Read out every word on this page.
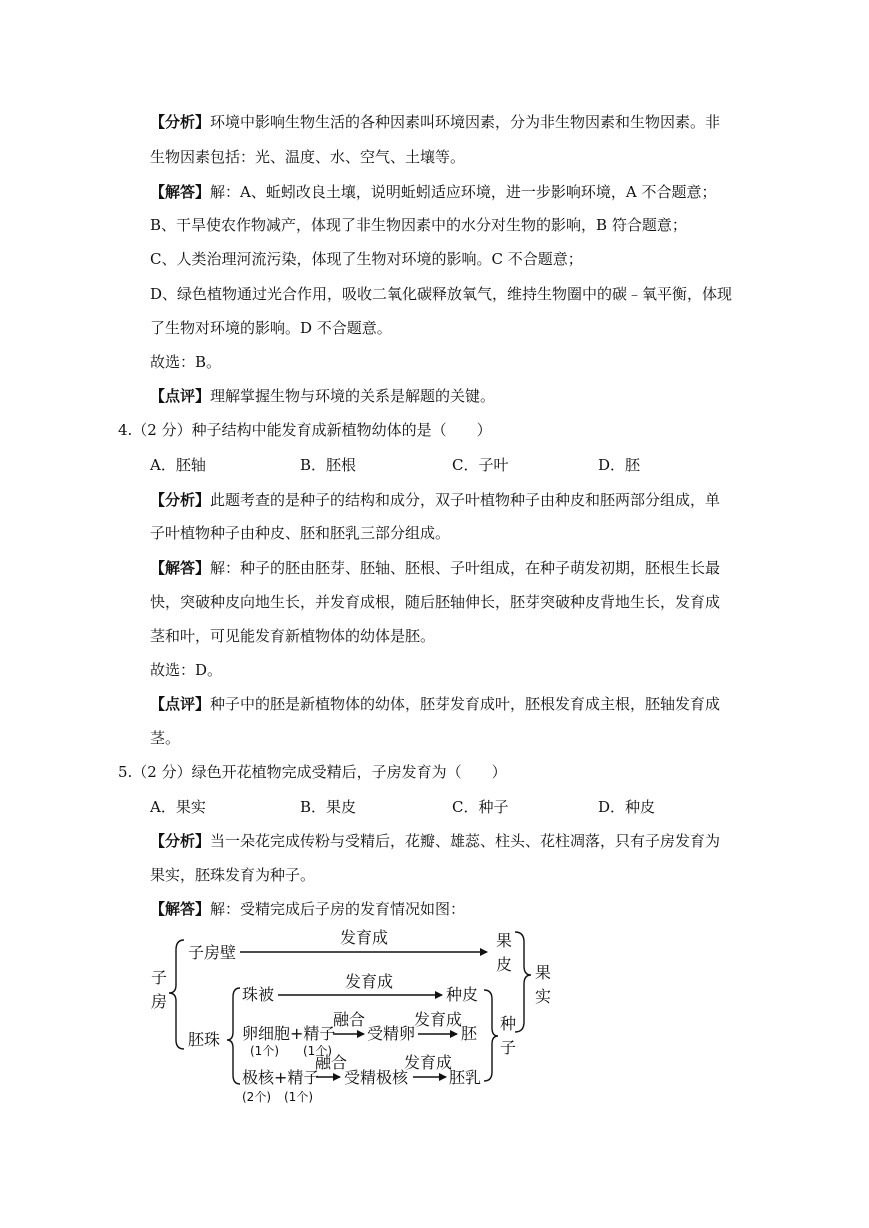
【分析】环境中影响生物生活的各种因素叫环境因素，分为非生物因素和生物因素。非
生物因素包括：光、温度、水、空气、土壤等。
【解答】解：A、蚯蚓改良土壤，说明蚯蚓适应环境，进一步影响环境，A 不合题意；
B、干旱使农作物减产，体现了非生物因素中的水分对生物的影响，B 符合题意；
C、人类治理河流污染，体现了生物对环境的影响。C 不合题意；
D、绿色植物通过光合作用，吸收二氧化碳释放氧气，维持生物圈中的碳﹣氧平衡，体现
了生物对环境的影响。D 不合题意。
故选：B。
【点评】理解掌握生物与环境的关系是解题的关键。
4.（2 分）种子结构中能发育成新植物幼体的是（　　）
A．胚轴	B．胚根	C．子叶	D．胚
【分析】此题考查的是种子的结构和成分，双子叶植物种子由种皮和胚两部分组成，单
子叶植物种子由种皮、胚和胚乳三部分组成。
【解答】解：种子的胚由胚芽、胚轴、胚根、子叶组成，在种子萌发初期，胚根生长最
快，突破种皮向地生长，并发育成根，随后胚轴伸长，胚芽突破种皮背地生长，发育成
茎和叶，可见能发育新植物体的幼体是胚。
故选：D。
【点评】种子中的胚是新植物体的幼体，胚芽发育成叶，胚根发育成主根，胚轴发育成
茎。
5.（2 分）绿色开花植物完成受精后，子房发育为（　　）
A．果实	B．果皮	C．种子	D．种皮
【分析】当一朵花完成传粉与受精后，花瓣、雄蕊、柱头、花柱凋落，只有子房发育为
果实，胚珠发育为种子。
【解答】解：受精完成后子房的发育情况如图：
子
房
子房壁
发育成	果
皮 果
实
胚珠
珠被
发育成
种皮
卵细胞+精子
(1个) (1个)
融合
受精卵
发育成
胚
种
子
极核+精子
(2个) (1个)
融合
受精极核
发育成
胚乳
